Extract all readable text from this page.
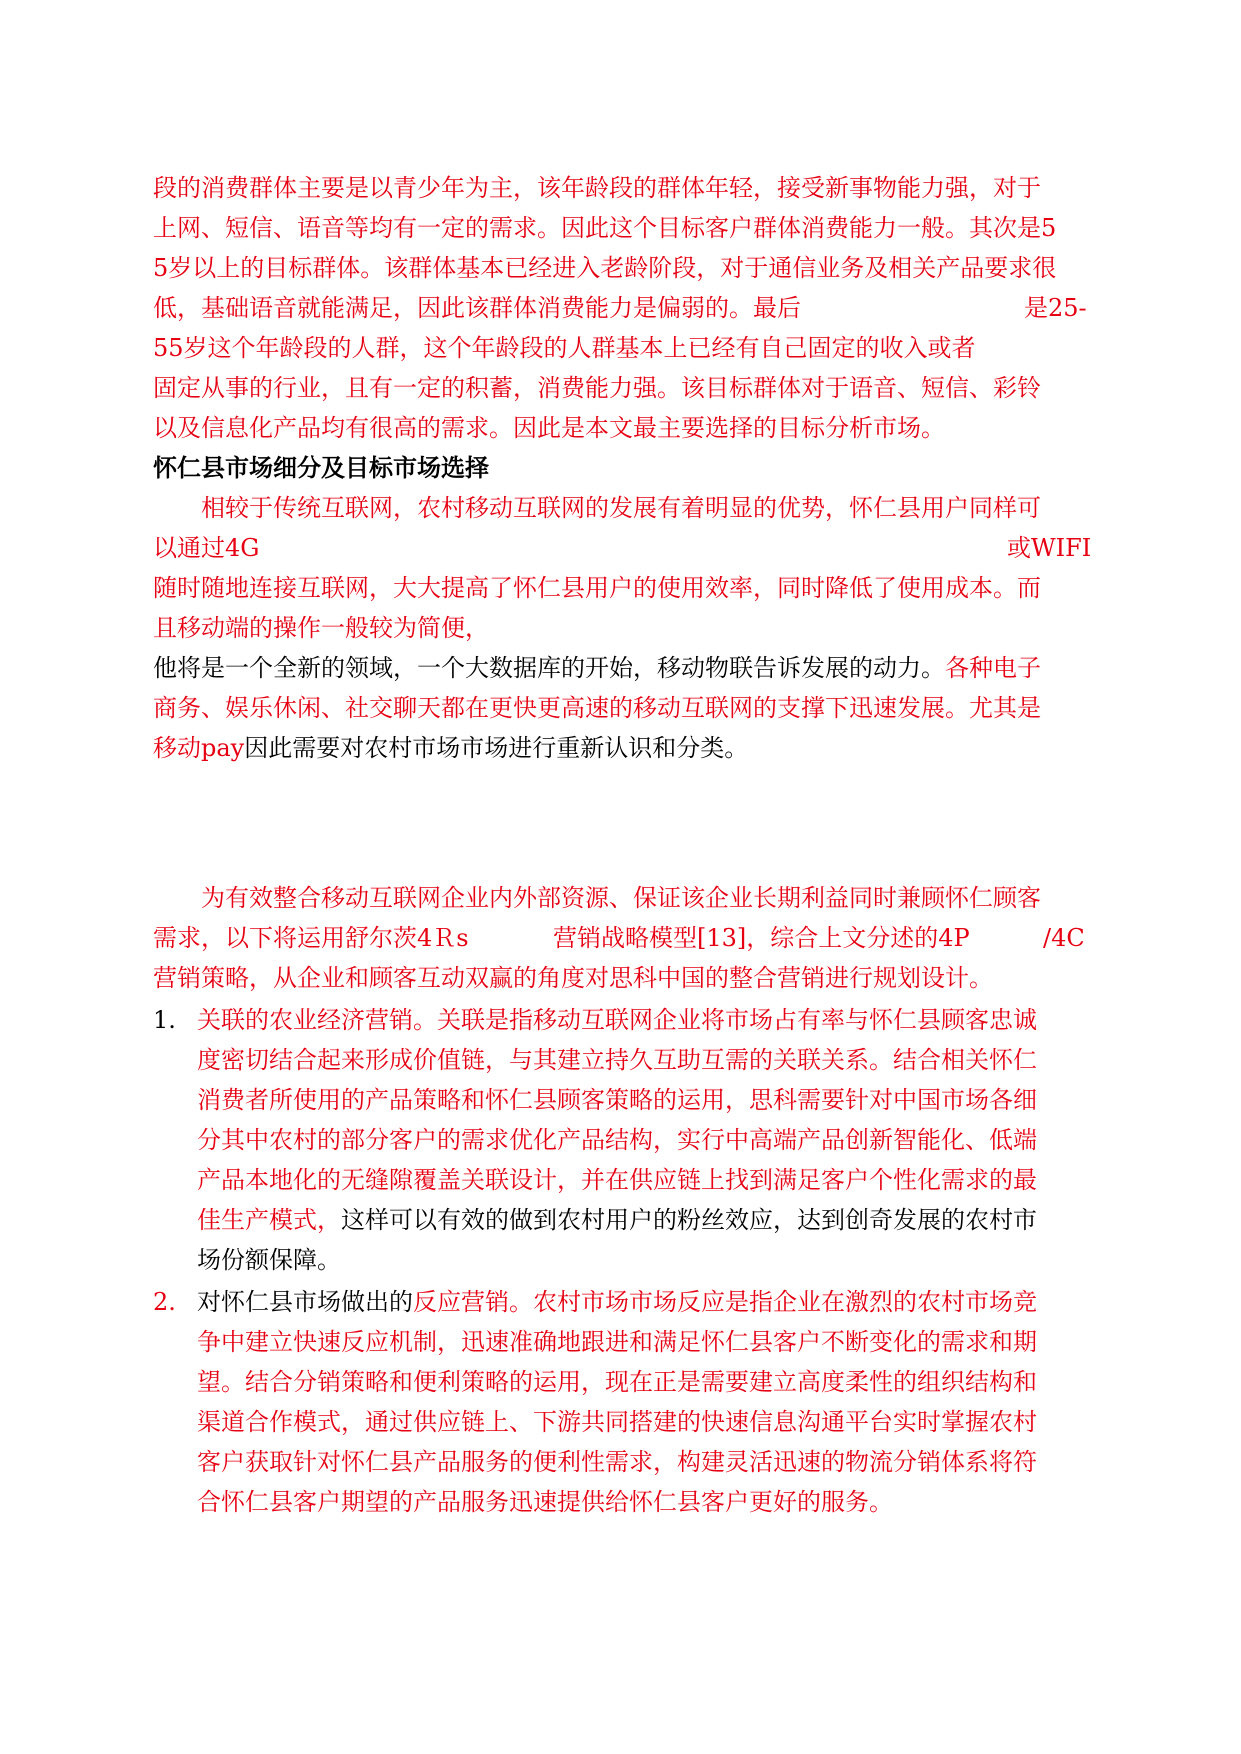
段的消费群体主要是以青少年为主，该年龄段的群体年轻，接受新事物能力强，对于
上网、短信、语音等均有一定的需求。因此这个目标客户群体消费能力一般。其次是5
5岁以上的目标群体。该群体基本已经进入老龄阶段，对于通信业务及相关产品要求很
低，基础语音就能满足，因此该群体消费能力是偏弱的。最后	是25-
55岁这个年龄段的人群，这个年龄段的人群基本上已经有自己固定的收入或者
固定从事的行业，且有一定的积蓄，消费能力强。该目标群体对于语音、短信、彩铃
以及信息化产品均有很高的需求。因此是本文最主要选择的目标分析市场。
怀仁县市场细分及目标市场选择
相较于传统互联网，农村移动互联网的发展有着明显的优势，怀仁县用户同样可
以通过4G	或WIFI
随时随地连接互联网，大大提高了怀仁县用户的使用效率，同时降低了使用成本。而
且移动端的操作一般较为简便，
他将是一个全新的领域，一个大数据库的开始，移动物联告诉发展的动力。各种电子
商务、娱乐休闲、社交聊天都在更快更高速的移动互联网的支撑下迅速发展。尤其是
移动pay因此需要对农村市场市场进行重新认识和分类。
为有效整合移动互联网企业内外部资源、保证该企业长期利益同时兼顾怀仁顾客
需求，以下将运用舒尔茨4Ｒs	营销战略模型[13]，综合上文分述的4P	/4C
营销策略，从企业和顾客互动双赢的角度对思科中国的整合营销进行规划设计。
1. 关联的农业经济营销。关联是指移动互联网企业将市场占有率与怀仁县顾客忠诚
度密切结合起来形成价值链，与其建立持久互助互需的关联关系。结合相关怀仁
消费者所使用的产品策略和怀仁县顾客策略的运用，思科需要针对中国市场各细
分其中农村的部分客户的需求优化产品结构，实行中高端产品创新智能化、低端
产品本地化的无缝隙覆盖关联设计，并在供应链上找到满足客户个性化需求的最
佳生产模式，这样可以有效的做到农村用户的粉丝效应，达到创奇发展的农村市
场份额保障。
2. 对怀仁县市场做出的反应营销。农村市场市场反应是指企业在激烈的农村市场竞
争中建立快速反应机制，迅速准确地跟进和满足怀仁县客户不断变化的需求和期
望。结合分销策略和便利策略的运用，现在正是需要建立高度柔性的组织结构和
渠道合作模式，通过供应链上、下游共同搭建的快速信息沟通平台实时掌握农村
客户获取针对怀仁县产品服务的便利性需求，构建灵活迅速的物流分销体系将符
合怀仁县客户期望的产品服务迅速提供给怀仁县客户更好的服务。
